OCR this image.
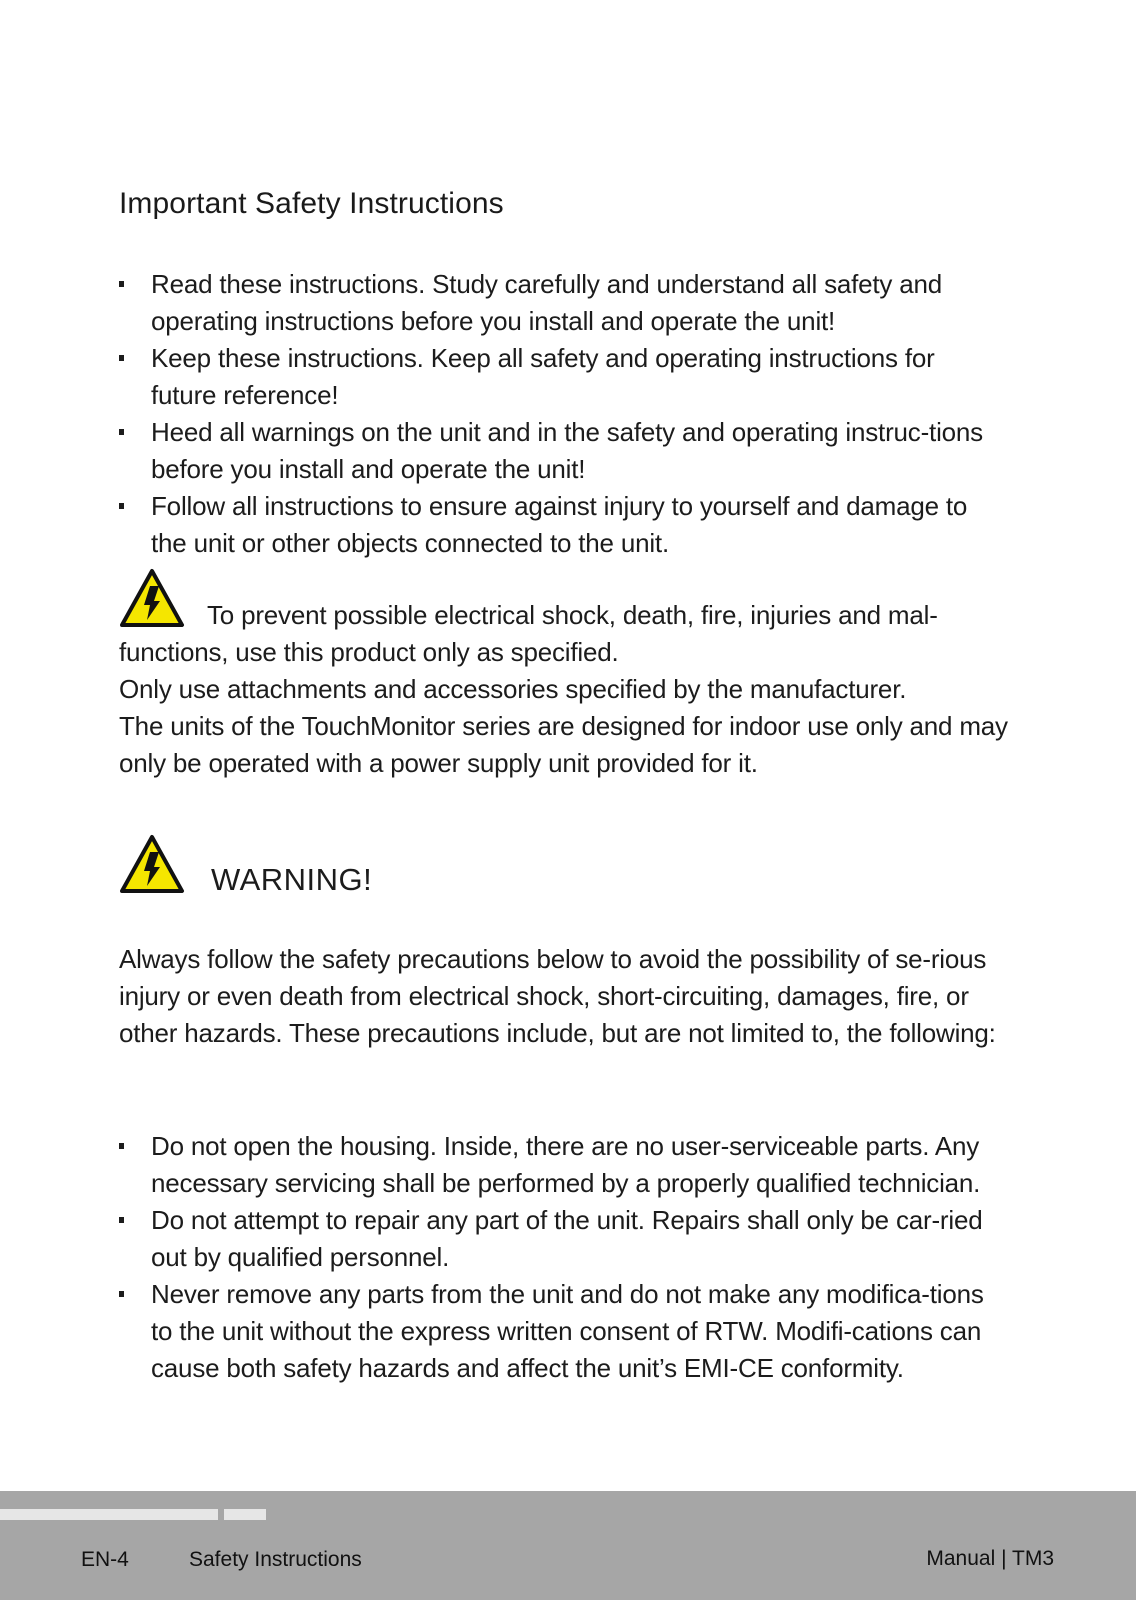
Important Safety Instructions
Read these instructions. Study carefully and understand all safety and operating instructions before you install and operate the unit!
Keep these instructions. Keep all safety and operating instructions for future reference!
Heed all warnings on the unit and in the safety and operating instruc-tions before you install and operate the unit!
Follow all instructions to ensure against injury to yourself and damage to the unit or other objects connected to the unit.

To prevent possible electrical shock, death, fire, injuries and mal-functions, use this product only as specified.

Only use attachments and accessories specified by the manufacturer.

The units of the TouchMonitor series are designed for indoor use only and may only be operated with a power supply unit provided for it.

WARNING!

Always follow the safety precautions below to avoid the possibility of se-rious injury or even death from electrical shock, short-circuiting, damages, fire, or other hazards. These precautions include, but are not limited to, the following:

Do not open the housing. Inside, there are no user-serviceable parts. Any necessary servicing shall be performed by a properly qualified technician.
Do not attempt to repair any part of the unit. Repairs shall only be car-ried out by qualified personnel.
Never remove any parts from the unit and do not make any modifica-tions to the unit without the express written consent of RTW. Modifi-cations can cause both safety hazards and affect the unit’s EMI-CE conformity.
EN-4	Safety Instructions	Manual | TM3
